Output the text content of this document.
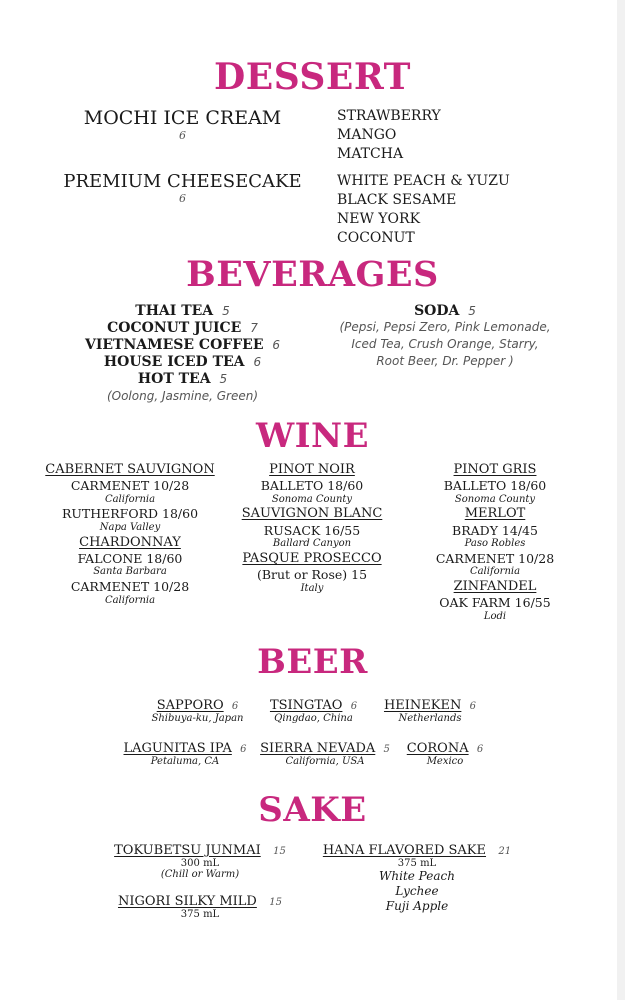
DESSERT
MOCHI ICE CREAM
6
STRAWBERRY
MANGO
MATCHA
PREMIUM CHEESECAKE
6
WHITE PEACH & YUZU
BLACK SESAME
NEW YORK
COCONUT
BEVERAGES
THAI TEA 5
COCONUT JUICE 7
VIETNAMESE COFFEE 6
HOUSE ICED TEA 6
HOT TEA 5
(Oolong, Jasmine, Green)
SODA 5
(Pepsi, Pepsi Zero, Pink Lemonade,
Iced Tea, Crush Orange, Starry,
Root Beer, Dr. Pepper )
WINE
CABERNET SAUVIGNON
CARMENET 10/28
California
RUTHERFORD 18/60
Napa Valley
CHARDONNAY
FALCONE 18/60
Santa Barbara
CARMENET 10/28
California
PINOT NOIR
BALLETO 18/60
Sonoma County
SAUVIGNON BLANC
RUSACK 16/55
Ballard Canyon
PASQUE PROSECCO
(Brut or Rose) 15
Italy
PINOT GRIS
BALLETO 18/60
Sonoma County
MERLOT
BRADY 14/45
Paso Robles
CARMENET 10/28
California
ZINFANDEL
OAK FARM 16/55
Lodi
BEER
SAPPORO 6
Shibuya-ku, Japan
TSINGTAO 6
Qingdao, China
HEINEKEN 6
Netherlands
LAGUNITAS IPA 6
Petaluma, CA
SIERRA NEVADA 5
California, USA
CORONA 6
Mexico
SAKE
TOKUBETSU JUNMAI 15
300 mL
(Chill or Warm)
NIGORI SILKY MILD 15
375 mL
HANA FLAVORED SAKE 21
375 mL
White Peach
Lychee
Fuji Apple
